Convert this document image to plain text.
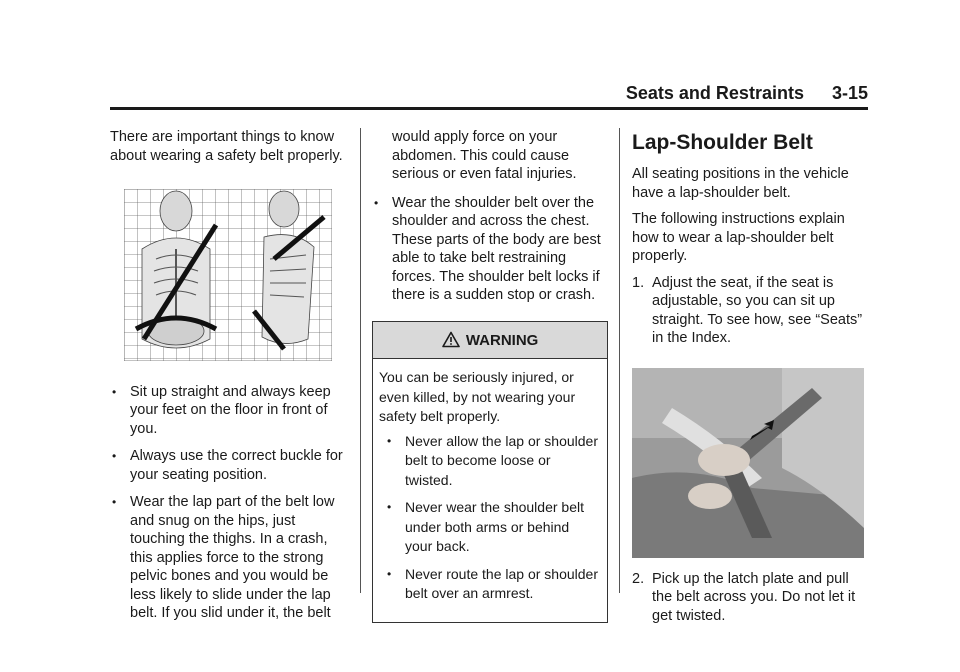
Seats and Restraints 3-15

There are important things to know about wearing a safety belt properly.

• Sit up straight and always keep your feet on the floor in front of you.
• Always use the correct buckle for your seating position.
• Wear the lap part of the belt low and snug on the hips, just touching the thighs. In a crash, this applies force to the strong pelvic bones and you would be less likely to slide under the lap belt. If you slid under it, the belt
would apply force on your abdomen. This could cause serious or even fatal injuries.
• Wear the shoulder belt over the shoulder and across the chest. These parts of the body are best able to take belt restraining forces. The shoulder belt locks if there is a sudden stop or crash.
WARNING
You can be seriously injured, or even killed, by not wearing your safety belt properly.
• Never allow the lap or shoulder belt to become loose or twisted.
• Never wear the shoulder belt under both arms or behind your back.
• Never route the lap or shoulder belt over an armrest.
Lap-Shoulder Belt

All seating positions in the vehicle have a lap-shoulder belt.

The following instructions explain how to wear a lap-shoulder belt properly.

1. Adjust the seat, if the seat is adjustable, so you can sit up straight. To see how, see “Seats” in the Index.
2. Pick up the latch plate and pull the belt across you. Do not let it get twisted.
